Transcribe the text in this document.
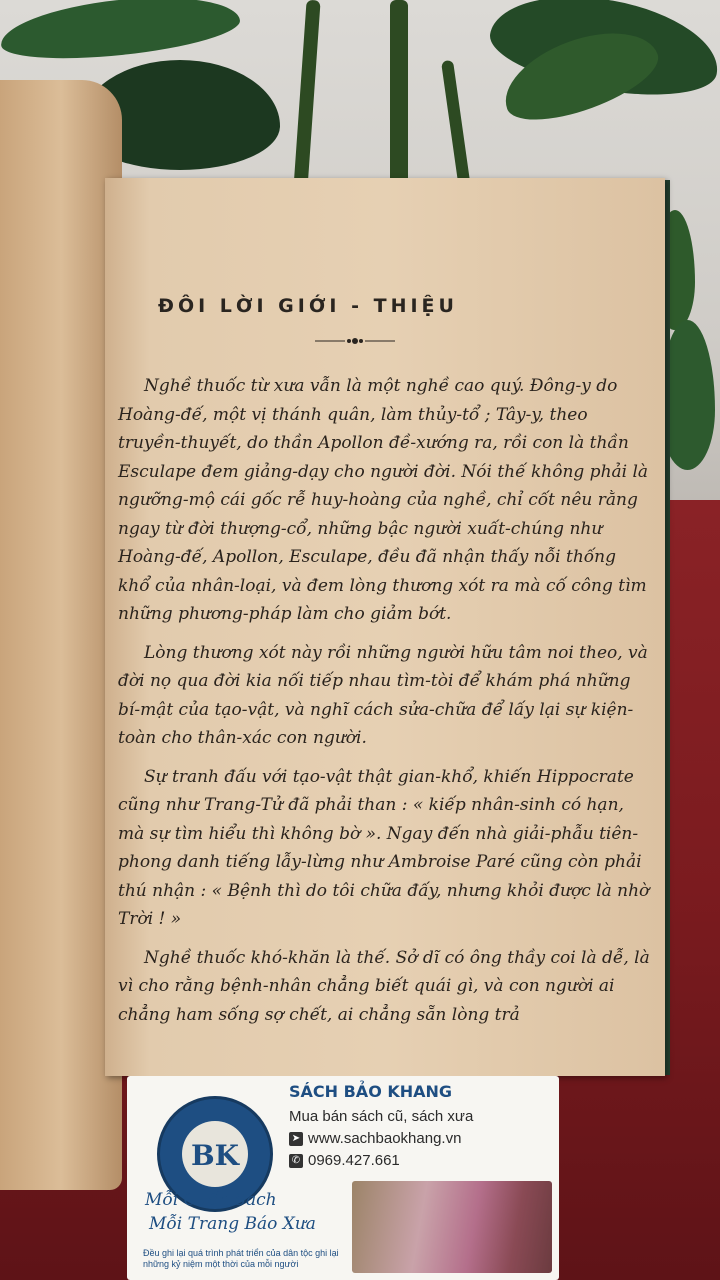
ĐÔI LỜI GIỚI - THIỆU

Nghề thuốc từ xưa vẫn là một nghề cao quý. Đông-y do Hoàng-đế, một vị thánh quân, làm thủy-tổ ; Tây-y, theo truyền-thuyết, do thần Apollon đề-xướng ra, rồi con là thần Esculape đem giảng-dạy cho người đời. Nói thế không phải là ngưỡng-mộ cái gốc rễ huy-hoàng của nghề, chỉ cốt nêu rằng ngay từ đời thượng-cổ, những bậc người xuất-chúng như Hoàng-đế, Apollon, Esculape, đều đã nhận thấy nỗi thống khổ của nhân-loại, và đem lòng thương xót ra mà cố công tìm những phương-pháp làm cho giảm bớt.

Lòng thương xót này rồi những người hữu tâm noi theo, và đời nọ qua đời kia nối tiếp nhau tìm-tòi để khám phá những bí-mật của tạo-vật, và nghĩ cách sửa-chữa để lấy lại sự kiện-toàn cho thân-xác con người.

Sự tranh đấu với tạo-vật thật gian-khổ, khiến Hippocrate cũng như Trang-Tử đã phải than : « kiếp nhân-sinh có hạn, mà sự tìm hiểu thì không bờ ». Ngay đến nhà giải-phẫu tiên-phong danh tiếng lẫy-lừng như Ambroise Paré cũng còn phải thú nhận : « Bệnh thì do tôi chữa đấy, nhưng khỏi được là nhờ Trời ! »

Nghề thuốc khó-khăn là thế. Sở dĩ có ông thầy coi là dễ, là vì cho rằng bệnh-nhân chẳng biết quái gì, và con người ai chẳng ham sống sợ chết, ai chẳng sẵn lòng trả

BK
SÁCH BẢO KHANG
Mua bán sách cũ, sách xưa
➤ www.sachbaokhang.vn
✆ 0969.427.661
Mỗi Cuốn Sách
Mỗi Trang Báo Xưa
Đều ghi lại quá trình phát triển của dân tộc ghi lại những kỷ niệm một thời của mỗi người
